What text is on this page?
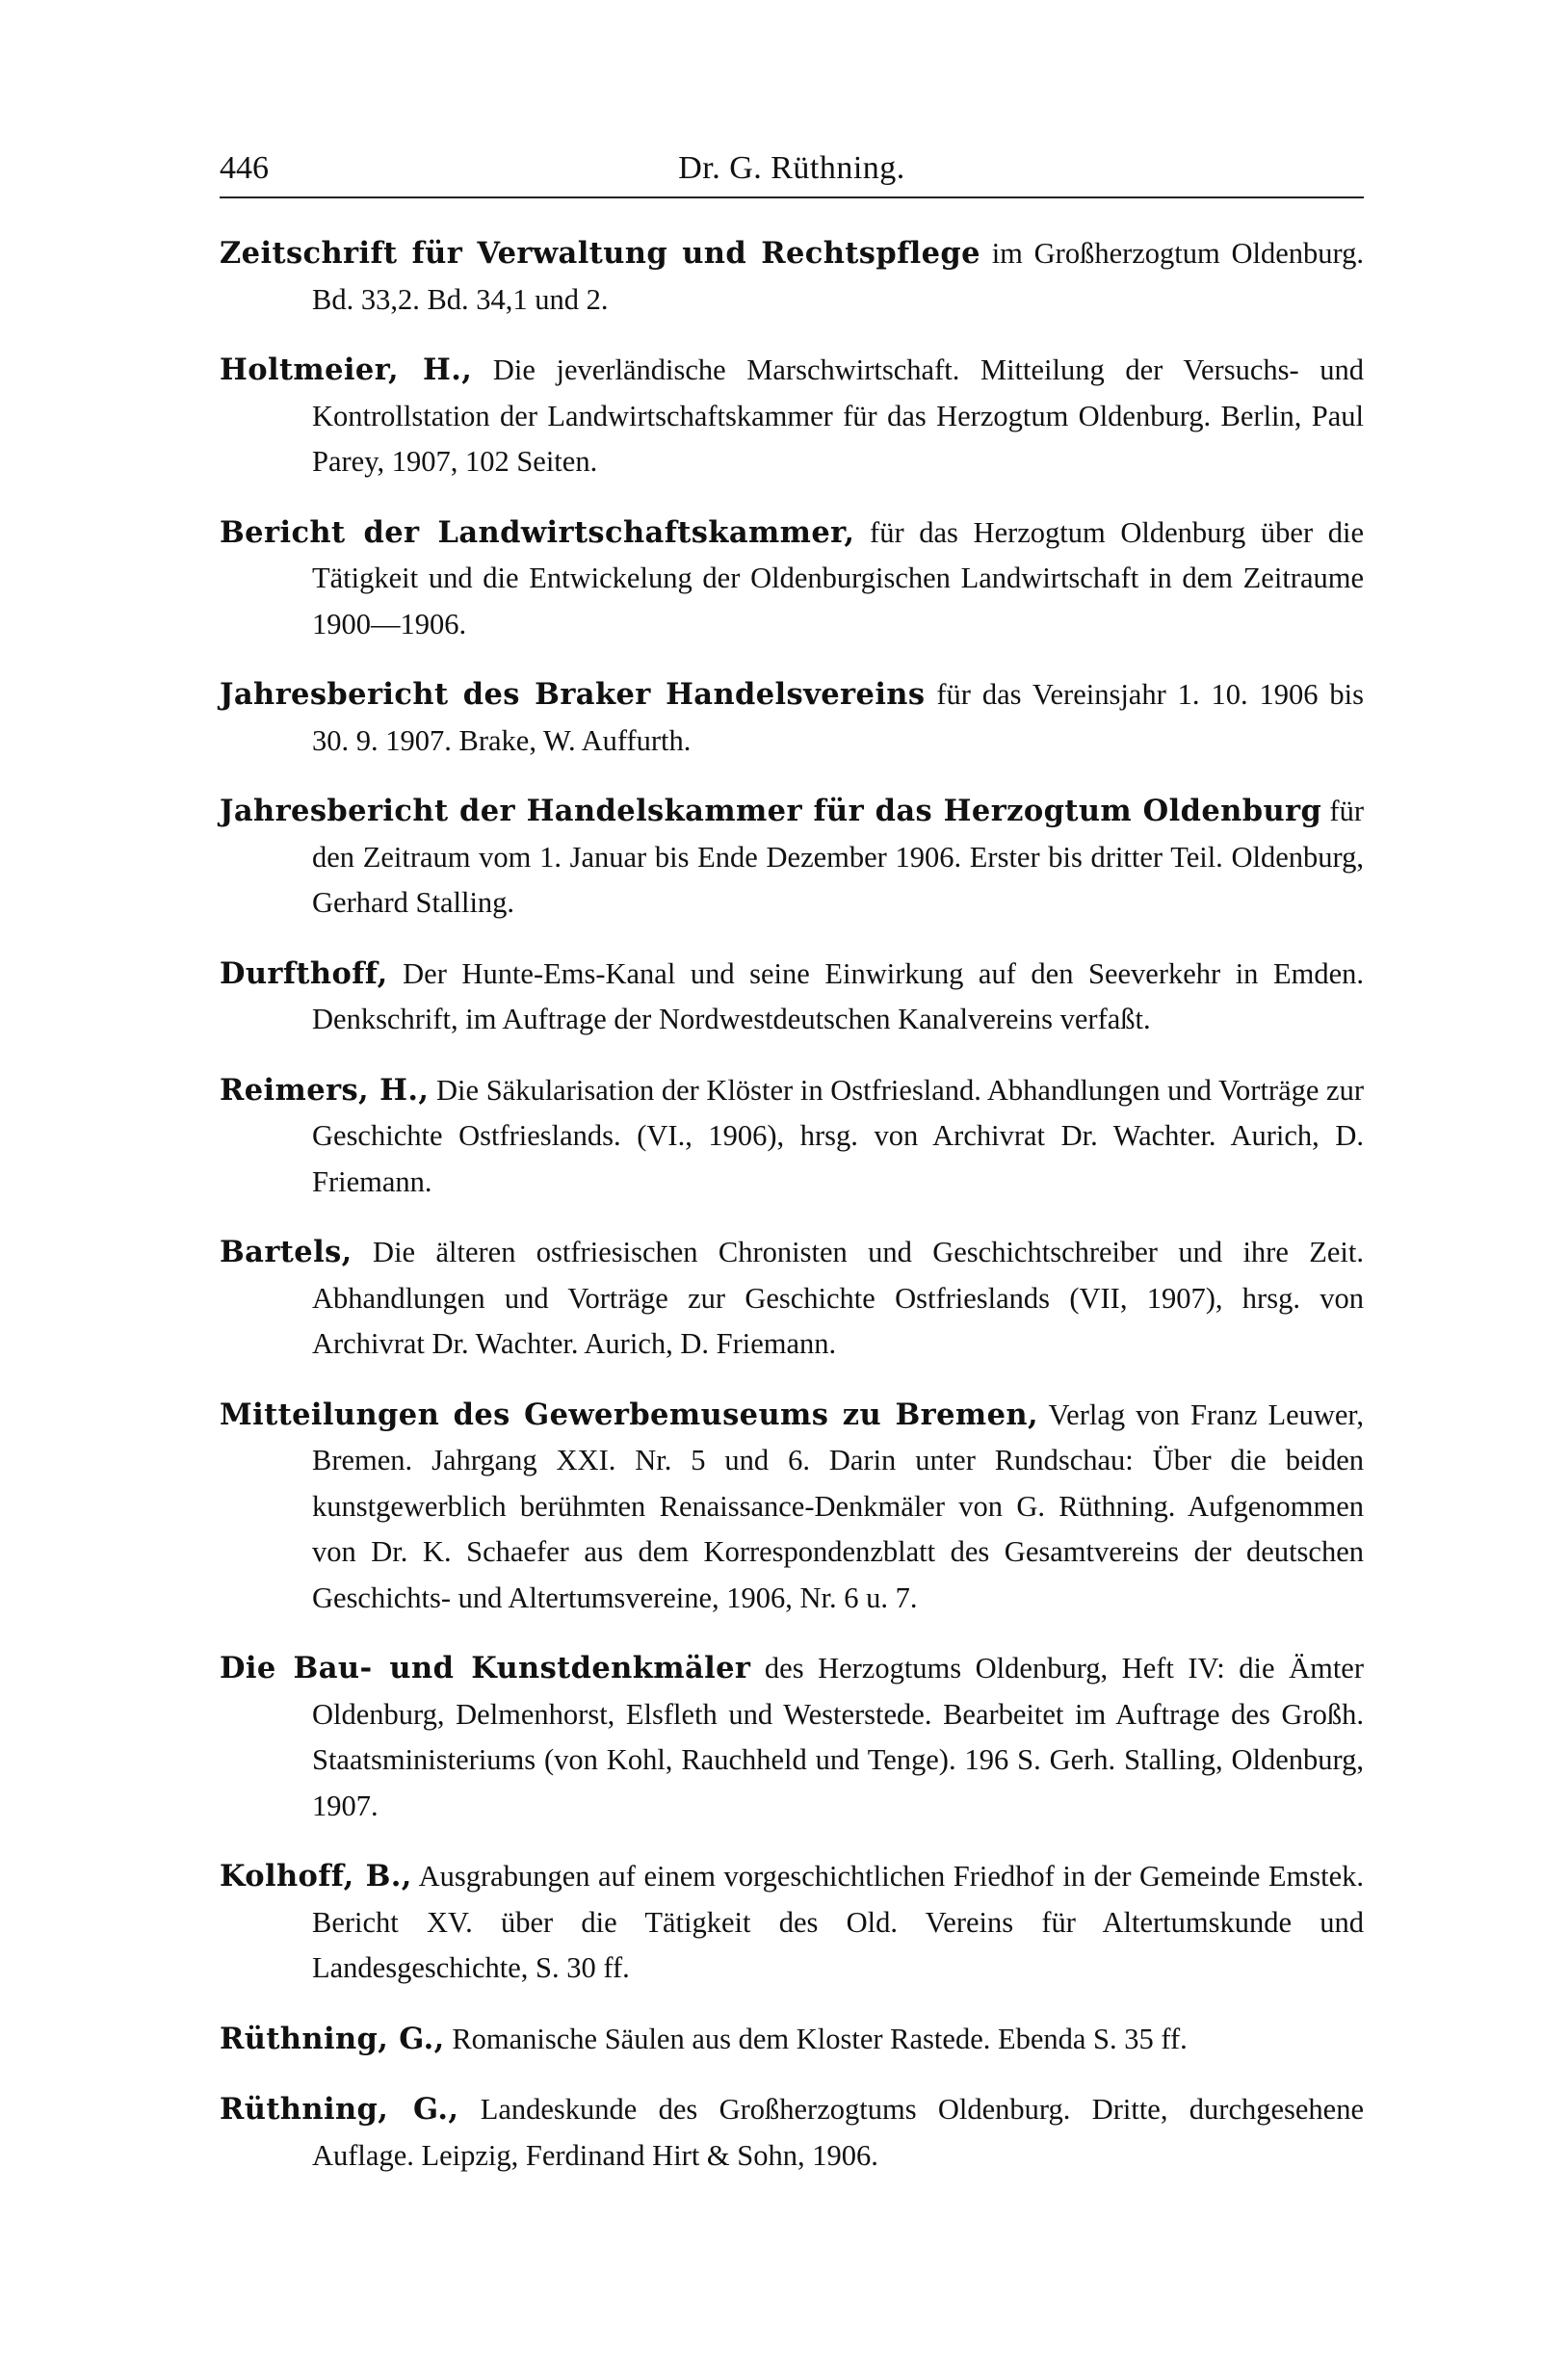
446	Dr. G. Rüthning.

Zeitschrift für Verwaltung und Rechtspflege im Großherzogtum Oldenburg. Bd. 33,2. Bd. 34,1 und 2.

Holtmeier, H., Die jeverländische Marschwirtschaft. Mitteilung der Versuchs- und Kontrollstation der Landwirtschaftskammer für das Herzogtum Oldenburg. Berlin, Paul Parey, 1907, 102 Seiten.

Bericht der Landwirtschaftskammer, für das Herzogtum Oldenburg über die Tätigkeit und die Entwickelung der Oldenburgischen Landwirtschaft in dem Zeitraume 1900—1906.

Jahresbericht des Braker Handelsvereins für das Vereinsjahr 1. 10. 1906 bis 30. 9. 1907. Brake, W. Auffurth.

Jahresbericht der Handelskammer für das Herzogtum Oldenburg für den Zeitraum vom 1. Januar bis Ende Dezember 1906. Erster bis dritter Teil. Oldenburg, Gerhard Stalling.

Durfthoff, Der Hunte-Ems-Kanal und seine Einwirkung auf den Seeverkehr in Emden. Denkschrift, im Auftrage der Nordwestdeutschen Kanalvereins verfaßt.

Reimers, H., Die Säkularisation der Klöster in Ostfriesland. Abhandlungen und Vorträge zur Geschichte Ostfrieslands. (VI., 1906), hrsg. von Archivrat Dr. Wachter. Aurich, D. Friemann.

Bartels, Die älteren ostfriesischen Chronisten und Geschichtschreiber und ihre Zeit. Abhandlungen und Vorträge zur Geschichte Ostfrieslands (VII, 1907), hrsg. von Archivrat Dr. Wachter. Aurich, D. Friemann.

Mitteilungen des Gewerbemuseums zu Bremen, Verlag von Franz Leuwer, Bremen. Jahrgang XXI. Nr. 5 und 6. Darin unter Rundschau: Über die beiden kunstgewerblich berühmten Renaissance-Denkmäler von G. Rüthning. Aufgenommen von Dr. K. Schaefer aus dem Korrespondenzblatt des Gesamtvereins der deutschen Geschichts- und Altertumsvereine, 1906, Nr. 6 u. 7.

Die Bau- und Kunstdenkmäler des Herzogtums Oldenburg, Heft IV: die Ämter Oldenburg, Delmenhorst, Elsfleth und Westerstede. Bearbeitet im Auftrage des Großh. Staatsministeriums (von Kohl, Rauchheld und Tenge). 196 S. Gerh. Stalling, Oldenburg, 1907.

Kolhoff, B., Ausgrabungen auf einem vorgeschichtlichen Friedhof in der Gemeinde Emstek. Bericht XV. über die Tätigkeit des Old. Vereins für Altertumskunde und Landesgeschichte, S. 30 ff.

Rüthning, G., Romanische Säulen aus dem Kloster Rastede. Ebenda S. 35 ff.

Rüthning, G., Landeskunde des Großherzogtums Oldenburg. Dritte, durchgesehene Auflage. Leipzig, Ferdinand Hirt & Sohn, 1906.
